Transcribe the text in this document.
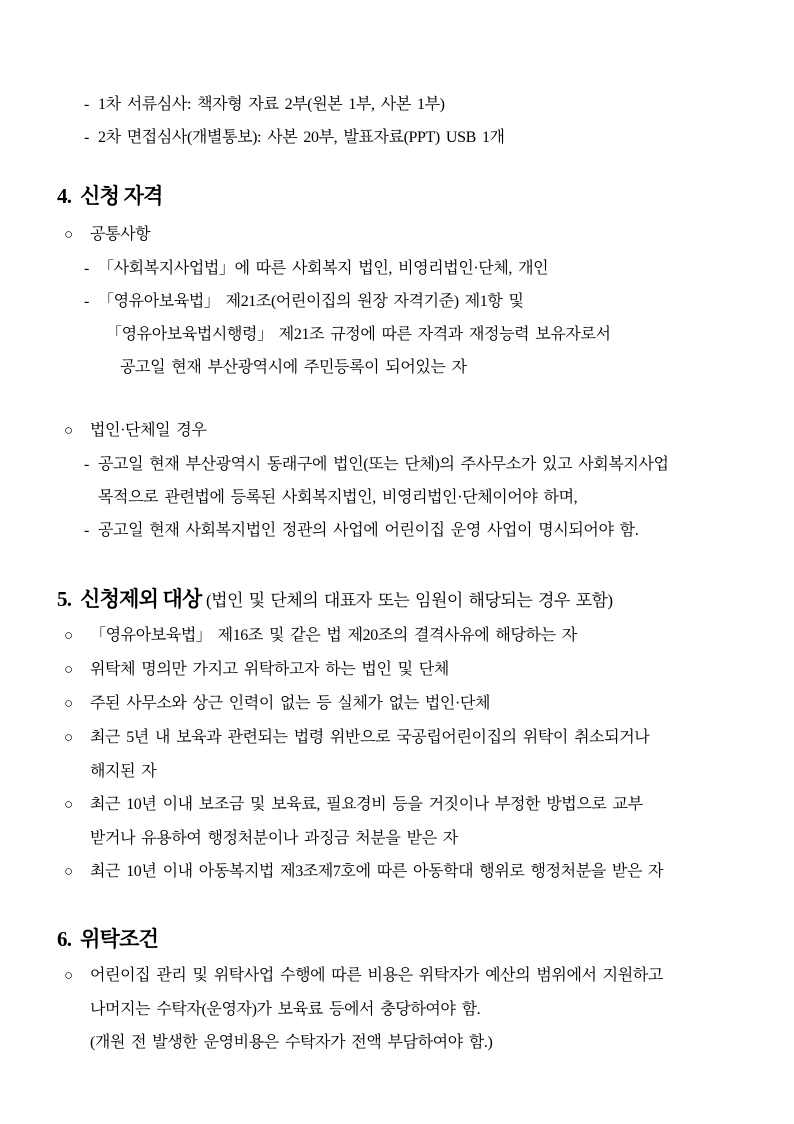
- 1차 서류심사: 책자형 자료 2부(원본 1부, 사본 1부)
- 2차 면접심사(개별통보): 사본 20부, 발표자료(PPT) USB 1개
4. 신청 자격
○ 공통사항
- 「사회복지사업법」에 따른 사회복지 법인, 비영리법인·단체, 개인
- 「영유아보육법」 제21조(어린이집의 원장 자격기준) 제1항 및
「영유아보육법시행령」 제21조 규정에 따른 자격과 재정능력 보유자로서
공고일 현재 부산광역시에 주민등록이 되어있는 자
○ 법인·단체일 경우
- 공고일 현재 부산광역시 동래구에 법인(또는 단체)의 주사무소가 있고 사회복지사업
목적으로 관련법에 등록된 사회복지법인, 비영리법인·단체이어야 하며,
- 공고일 현재 사회복지법인 정관의 사업에 어린이집 운영 사업이 명시되어야 함.
5. 신청제외 대상 (법인 및 단체의 대표자 또는 임원이 해당되는 경우 포함)
○ 「영유아보육법」 제16조 및 같은 법 제20조의 결격사유에 해당하는 자
○ 위탁체 명의만 가지고 위탁하고자 하는 법인 및 단체
○ 주된 사무소와 상근 인력이 없는 등 실체가 없는 법인·단체
○ 최근 5년 내 보육과 관련되는 법령 위반으로 국공립어린이집의 위탁이 취소되거나
해지된 자
○ 최근 10년 이내 보조금 및 보육료, 필요경비 등을 거짓이나 부정한 방법으로 교부
받거나 유용하여 행정처분이나 과징금 처분을 받은 자
○ 최근 10년 이내 아동복지법 제3조제7호에 따른 아동학대 행위로 행정처분을 받은 자
6. 위탁조건
○ 어린이집 관리 및 위탁사업 수행에 따른 비용은 위탁자가 예산의 범위에서 지원하고
나머지는 수탁자(운영자)가 보육료 등에서 충당하여야 함.
(개원 전 발생한 운영비용은 수탁자가 전액 부담하여야 함.)
